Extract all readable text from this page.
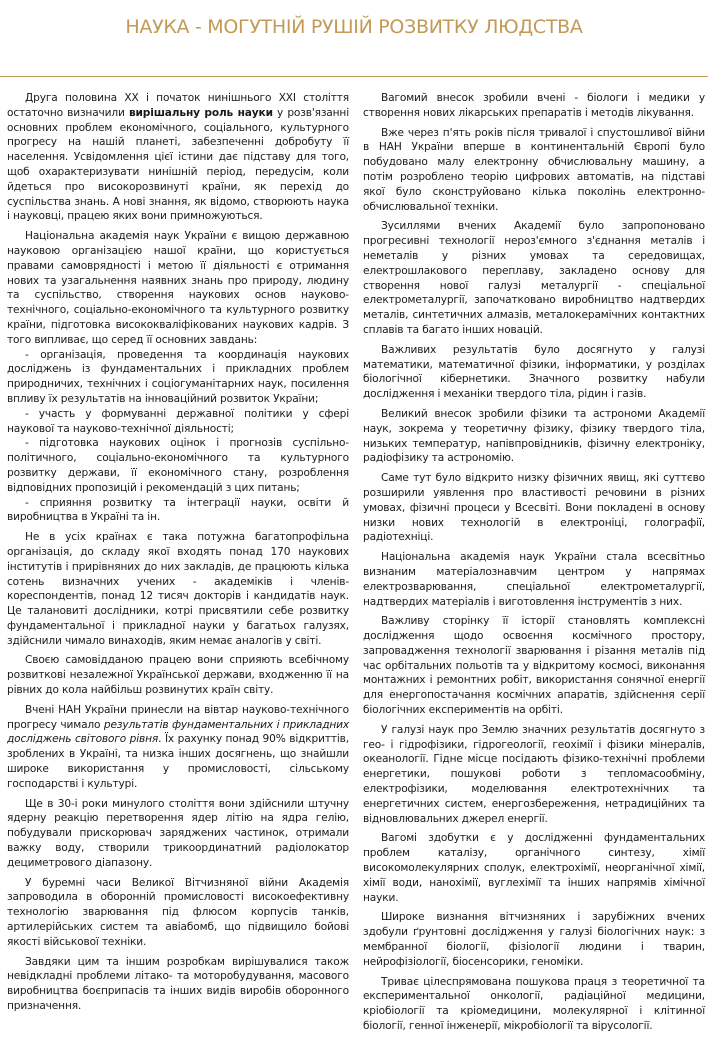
НАУКА - МОГУТНІЙ РУШІЙ РОЗВИТКУ ЛЮДСТВА

Друга половина XX і початок нинішнього XXI століття остаточно визначили вирішальну роль науки у розв'язанні основних проблем економічного, соціального, культурного прогресу на нашій планеті, забезпеченні добробуту її населення. Усвідомлення цієї істини дає підставу для того, щоб охарактеризувати нинішній період, передусім, коли йдеться про високорозвинуті країни, як перехід до суспільства знань. А нові знання, як відомо, створюють наука і науковці, працею яких вони примножуються.

Національна академія наук України є вищою державною науковою організацією нашої країни, що користується правами самоврядності і метою її діяльності є отримання нових та узагальнення наявних знань про природу, людину та суспільство, створення наукових основ науково-технічного, соціально-економічного та культурного розвитку країни, підготовка висококваліфікованих наукових кадрів. З того випливає, що серед її основних завдань:

- організація, проведення та координація наукових досліджень із фундаментальних і прикладних проблем природничих, технічних і соціогуманітарних наук, посилення впливу їх результатів на інноваційний розвиток України;

- участь у формуванні державної політики у сфері наукової та науково-технічної діяльності;

- підготовка наукових оцінок і прогнозів суспільно-політичного, соціально-економічного та культурного розвитку держави, її економічного стану, розроблення відповідних пропозицій і рекомендацій з цих питань;

- сприяння розвитку та інтеграції науки, освіти й виробництва в Україні та ін.

Не в усіх країнах є така потужна багатопрофільна організація, до складу якої входять понад 170 наукових інститутів і прирівняних до них закладів, де працюють кілька сотень визначних учених - академіків і членів-кореспондентів, понад 12 тисяч докторів і кандидатів наук. Це талановиті дослідники, котрі присвятили себе розвитку фундаментальної і прикладної науки у багатьох галузях, здійснили чимало винаходів, яким немає аналогів у світі.

Своєю самовідданою працею вони сприяють всебічному розвиткові незалежної Української держави, входженню її на рівних до кола найбільш розвинутих країн світу.

Вчені НАН України принесли на вівтар науково-технічного прогресу чимало результатів фундаментальних і прикладних досліджень світового рівня. Їх рахунку понад 90% відкриттів, зроблених в Україні, та низка інших досягнень, що знайшли широке використання у промисловості, сільському господарстві і культурі.

Ще в 30-і роки минулого століття вони здійснили штучну ядерну реакцію перетворення ядер літію на ядра гелію, побудували прискорювач заряджених частинок, отримали важку воду, створили трикоординатний радіолокатор дециметрового діапазону.

У буремні часи Великої Вітчизняної війни Академія запроводила в оборонній промисловості високоефективну технологію зварювання під флюсом корпусів танків, артилерійських систем та авіабомб, що підвищило бойові якості військової техніки.

Завдяки цим та іншим розробкам вирішувалися також невідкладні проблеми літако- та моторобудування, масового виробництва боєприпасів та інших видів виробів оборонного призначення.

Вагомий внесок зробили вчені - біологи і медики у створення нових лікарських препаратів і методів лікування.

Вже через п'ять років після тривалої і спустошливої війни в НАН України вперше в континентальній Європі було побудовано малу електронну обчислювальну машину, а потім розроблено теорію цифрових автоматів, на підставі якої було сконструйовано кілька поколінь електронно-обчислювальної техніки.

Зусиллями вчених Академії було запропоновано прогресивні технології нероз'ємного з'єднання металів і неметалів у різних умовах та середовищах, електрошлакового переплаву, закладено основу для створення нової галузі металургії - спеціальної електрометалургії, започатковано виробництво надтвердих металів, синтетичних алмазів, металокерамічних контактних сплавів та багато інших новацій.

Важливих результатів було досягнуто у галузі математики, математичної фізики, інформатики, у розділах біологічної кібернетики. Значного розвитку набули дослідження і механіки твердого тіла, рідин і газів.

Великий внесок зробили фізики та астрономи Академії наук, зокрема у теоретичну фізику, фізику твердого тіла, низьких температур, напівпровідників, фізичну електроніку, радіофізику та астрономію.

Саме тут було відкрито низку фізичних явищ, які суттєво розширили уявлення про властивості речовини в різних умовах, фізичні процеси у Всесвіті. Вони покладені в основу низки нових технологій в електроніці, голографії, радіотехніці.

Національна академія наук України стала всесвітньо визнаним матеріалознавчим центром у напрямах електрозварювання, спеціальної електрометалургії, надтвердих матеріалів і виготовлення інструментів з них.

Важливу сторінку її історії становлять комплексні дослідження щодо освоєння космічного простору, запровадження технології зварювання і різання металів під час орбітальних польотів та у відкритому космосі, виконання монтажних і ремонтних робіт, використання сонячної енергії для енергопостачання космічних апаратів, здійснення серії біологічних експериментів на орбіті.

У галузі наук про Землю значних результатів досягнуто з гео- і гідрофізики, гідрогеології, геохімії і фізики мінералів, океанології. Гідне місце посідають фізико-технічні проблеми енергетики, пошукові роботи з тепломасообміну, електрофізики, моделювання електротехнічних та енергетичних систем, енергозбереження, нетрадиційних та відновлювальних джерел енергії.

Вагомі здобутки є у дослідженні фундаментальних проблем каталізу, органічного синтезу, хімії високомолекулярних сполук, електрохімії, неорганічної хімії, хімії води, нанохімії, вуглехімії та інших напрямів хімічної науки.

Широке визнання вітчизняних і зарубіжних вчених здобули ґрунтовні дослідження у галузі біологічних наук: з мембранної біології, фізіології людини і тварин, нейрофізіології, біосенсорики, геноміки.

Триває цілеспрямована пошукова праця з теоретичної та експериментальної онкології, радіаційної медицини, кріобіології та кріомедицини, молекулярної і клітинної біології, генної інженерії, мікробіології та вірусології.
